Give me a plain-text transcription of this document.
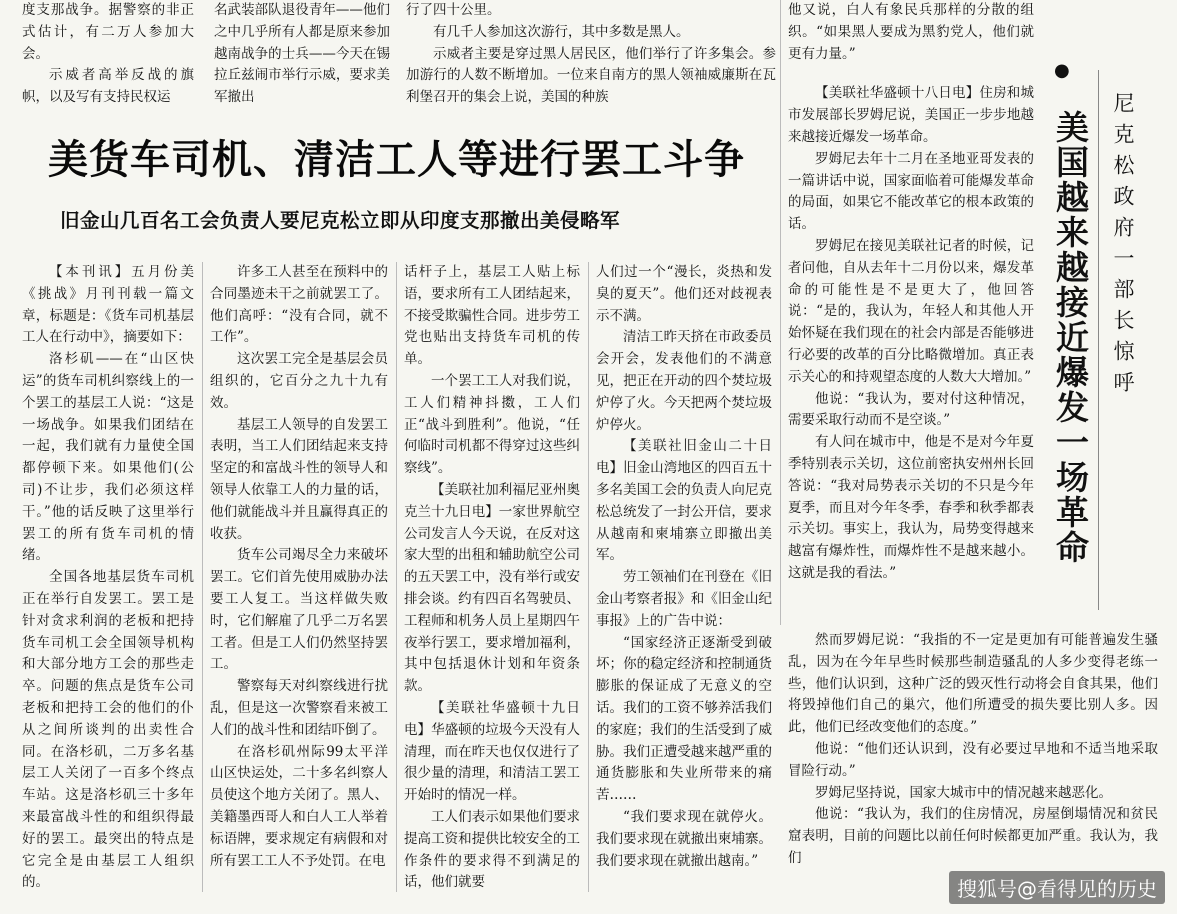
度支那战争。据警察的非正式估计，有二万人参加大会。

示威者高举反战的旗帜，以及写有支持民权运

名武装部队退役青年——他们之中几乎所有人都是原来参加越南战争的士兵——今天在锡拉丘兹闹市举行示威，要求美军撤出

行了四十公里。

有几千人参加这次游行，其中多数是黑人。

示威者主要是穿过黑人居民区，他们举行了许多集会。参加游行的人数不断增加。一位来自南方的黑人领袖威廉斯在瓦利堡召开的集会上说，美国的种族

美货车司机、清洁工人等进行罢工斗争
旧金山几百名工会负责人要尼克松立即从印度支那撤出美侵略军

【本刊讯】五月份美《挑战》月刊刊载一篇文章，标题是：《货车司机基层工人在行动中》，摘要如下：

洛杉矶——在“山区快运”的货车司机纠察线上的一个罢工的基层工人说：“这是一场战争。如果我们团结在一起，我们就有力量使全国都停顿下来。如果他们(公司)不让步，我们必须这样干。”他的话反映了这里举行罢工的所有货车司机的情绪。

全国各地基层货车司机正在举行自发罢工。罢工是针对贪求利润的老板和把持货车司机工会全国领导机构和大部分地方工会的那些走卒。问题的焦点是货车公司老板和把持工会的他们的仆从之间所谈判的出卖性合同。在洛杉矶，二万多名基层工人关闭了一百多个终点车站。这是洛杉矶三十多年来最富战斗性的和组织得最好的罢工。最突出的特点是它完全是由基层工人组织的。

许多工人甚至在预料中的合同墨迹未干之前就罢工了。他们高呼：“没有合同，就不工作”。

这次罢工完全是基层会员组织的，它百分之九十九有效。

基层工人领导的自发罢工表明，当工人们团结起来支持坚定的和富战斗性的领导人和领导人依靠工人的力量的话，他们就能战斗并且赢得真正的收获。

货车公司竭尽全力来破坏罢工。它们首先使用威胁办法要工人复工。当这样做失败时，它们解雇了几乎二万名罢工者。但是工人们仍然坚持罢工。

警察每天对纠察线进行扰乱，但是这一次警察看来被工人们的战斗性和团结吓倒了。

在洛杉矶州际99太平洋山区快运处，二十多名纠察人员使这个地方关闭了。黑人、美籍墨西哥人和白人工人举着标语牌，要求规定有病假和对所有罢工工人不予处罚。在电

话杆子上，基层工人贴上标语，要求所有工人团结起来，不接受欺骗性合同。进步劳工党也贴出支持货车司机的传单。

一个罢工工人对我们说，工人们精神抖擞，工人们正“战斗到胜利”。他说，“任何临时司机都不得穿过这些纠察线”。

【美联社加利福尼亚州奥克兰十九日电】一家世界航空公司发言人今天说，在反对这家大型的出租和辅助航空公司的五天罢工中，没有举行或安排会谈。约有四百名驾驶员、工程师和机务人员上星期四午夜举行罢工，要求增加福利，其中包括退休计划和年资条款。

【美联社华盛顿十九日电】华盛顿的垃圾今天没有人清理，而在昨天也仅仅进行了很少量的清理，和清洁工罢工开始时的情况一样。

工人们表示如果他们要求提高工资和提供比较安全的工作条件的要求得不到满足的话，他们就要

人们过一个“漫长，炎热和发臭的夏天”。他们还对歧视表示不满。

清洁工昨天挤在市政委员会开会，发表他们的不满意见，把正在开动的四个焚垃圾炉停了火。今天把两个焚垃圾炉停火。

【美联社旧金山二十日电】旧金山湾地区的四百五十多名美国工会的负责人向尼克松总统发了一封公开信，要求从越南和柬埔寨立即撤出美军。

劳工领袖们在刊登在《旧金山考察者报》和《旧金山纪事报》上的广告中说：

“国家经济正逐渐受到破坏；你的稳定经济和控制通货膨胀的保证成了无意义的空话。我们的工资不够养活我们的家庭；我们的生活受到了威胁。我们正遭受越来越严重的通货膨胀和失业所带来的痛苦……

“我们要求现在就停火。我们要求现在就撤出柬埔寨。我们要求现在就撤出越南。”

他又说，白人有象民兵那样的分散的组织。“如果黑人要成为黑豹党人，他们就更有力量。”

【美联社华盛顿十八日电】住房和城市发展部长罗姆尼说，美国正一步步地越来越接近爆发一场革命。

罗姆尼去年十二月在圣地亚哥发表的一篇讲话中说，国家面临着可能爆发革命的局面，如果它不能改革它的根本政策的话。

罗姆尼在接见美联社记者的时候，记者问他，自从去年十二月份以来，爆发革命的可能性是不是更大了，他回答说：“是的，我认为，年轻人和其他人开始怀疑在我们现在的社会内部是否能够进行必要的改革的百分比略微增加。真正表示关心的和持观望态度的人数大大增加。”

他说：“我认为，要对付这种情况，需要采取行动而不是空谈。”

有人问在城市中，他是不是对今年夏季特别表示关切，这位前密执安州州长回答说：“我对局势表示关切的不只是今年夏季，而且对今年冬季，春季和秋季都表示关切。事实上，我认为，局势变得越来越富有爆炸性，而爆炸性不是越来越小。这就是我的看法。”

●
美国越来越接近爆发一场革命 尼克松政府一部长惊呼

然而罗姆尼说：“我指的不一定是更加有可能普遍发生骚乱，因为在今年早些时候那些制造骚乱的人多少变得老练一些，他们认识到，这种广泛的毁灭性行动将会自食其果，他们将毁掉他们自己的巢穴，他们所遭受的损失要比别人多。因此，他们已经改变他们的态度。”

他说：“他们还认识到，没有必要过早地和不适当地采取冒险行动。”

罗姆尼坚持说，国家大城市中的情况越来越恶化。

他说：“我认为，我们的住房情况，房屋倒塌情况和贫民窟表明，目前的问题比以前任何时候都更加严重。我认为，我们

搜狐号@看得见的历史
